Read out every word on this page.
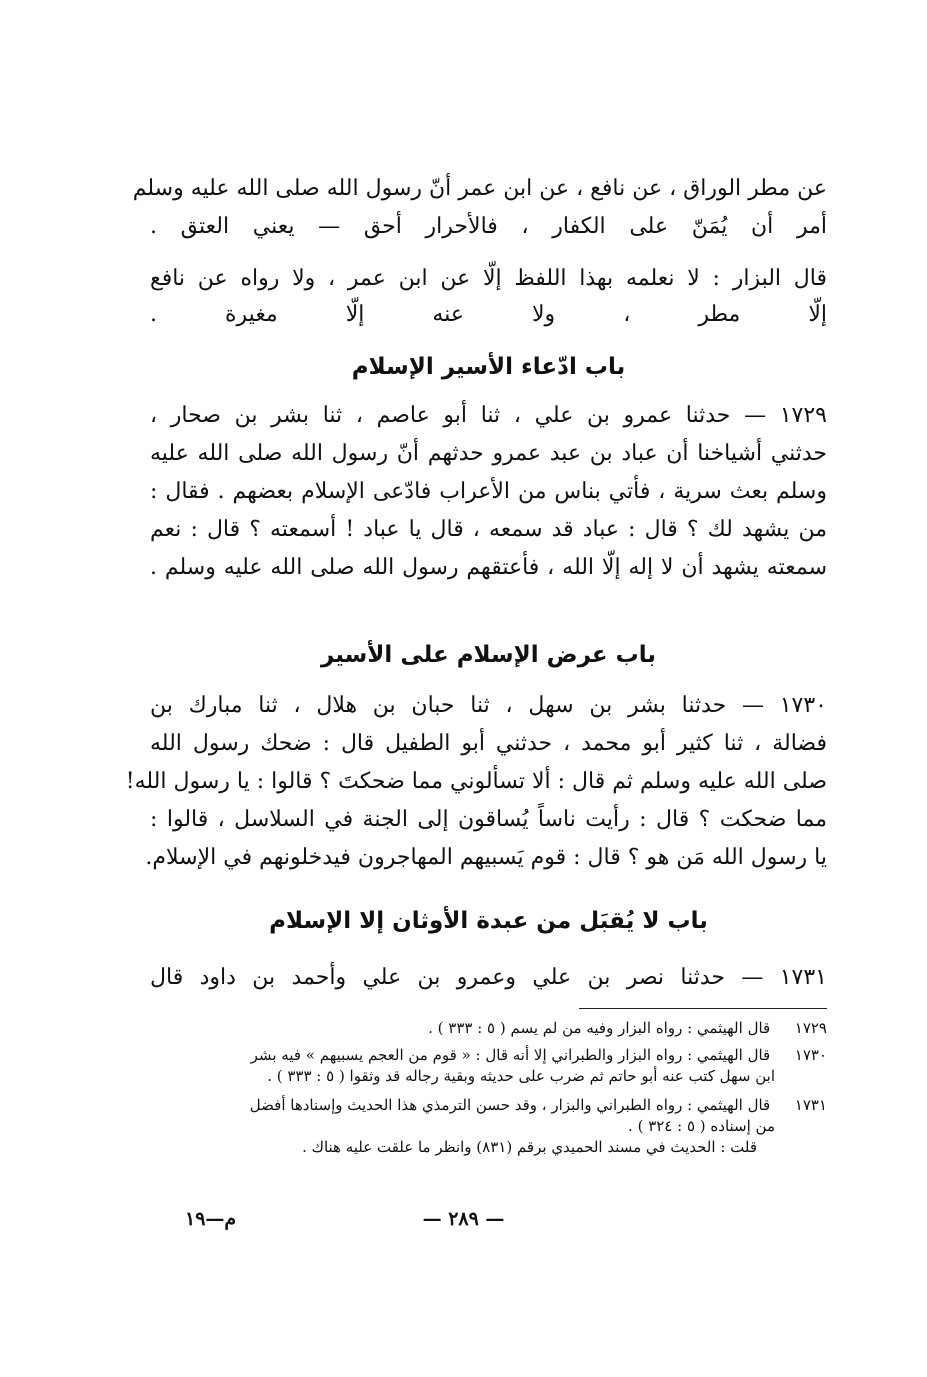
عن مطر الوراق ، عن نافع ، عن ابن عمر أنّ رسول الله صلى الله عليه وسلم
أمر أن يُمَنّ على الكفار ، فالأحرار أحق — يعني العتق .
قال البزار : لا نعلمه بهذا اللفظ إلّا عن ابن عمر ، ولا رواه عن نافع
إلّا مطر ، ولا عنه إلّا مغيرة .
باب ادّعاء الأسير الإسلام
١٧٢٩ — حدثنا عمرو بن علي ، ثنا أبو عاصم ، ثنا بشر بن صحار ،
حدثني أشياخنا أن عباد بن عبد عمرو حدثهم أنّ رسول الله صلى الله عليه
وسلم بعث سرية ، فأتي بناس من الأعراب فادّعى الإسلام بعضهم . فقال :
من يشهد لك ؟ قال : عباد قد سمعه ، قال يا عباد ! أسمعته ؟ قال : نعم
سمعته يشهد أن لا إله إلّا الله ، فأعتقهم رسول الله صلى الله عليه وسلم .
باب عرض الإسلام على الأسير
١٧٣٠ — حدثنا بشر بن سهل ، ثنا حبان بن هلال ، ثنا مبارك بن
فضالة ، ثنا كثير أبو محمد ، حدثني أبو الطفيل قال : ضحك رسول الله
صلى الله عليه وسلم ثم قال : ألا تسألوني مما ضحكتَ ؟ قالوا : يا رسول الله!
مما ضحكت ؟ قال : رأيت ناساً يُساقون إلى الجنة في السلاسل ، قالوا :
يا رسول الله مَن هو ؟ قال : قوم يَسبيهم المهاجرون فيدخلونهم في الإسلام.
باب لا يُقبَل من عبدة الأوثان إلا الإسلام
١٧٣١ — حدثنا نصر بن علي وعمرو بن علي وأحمد بن داود قال
١٧٢٩ قال الهيثمي : رواه البزار وفيه من لم يسم ( ٥ : ٣٣٣ ) .
١٧٣٠ قال الهيثمي : رواه البزار والطبراني إلا أنه قال : « قوم من العجم يسبيهم » فيه بشر
ابن سهل كتب عنه أبو حاتم ثم ضرب على حديثه وبقية رجاله قد وثقوا ( ٥ : ٣٣٣ ) .
١٧٣١ قال الهيثمي : رواه الطبراني والبزار ، وقد حسن الترمذي هذا الحديث وإسنادها أفضل
من إسناده ( ٥ : ٣٢٤ ) .
قلت : الحديث في مسند الحميدي برقم (٨٣١) وانظر ما علقت عليه هناك .
— ٢٨٩ —
م—١٩
